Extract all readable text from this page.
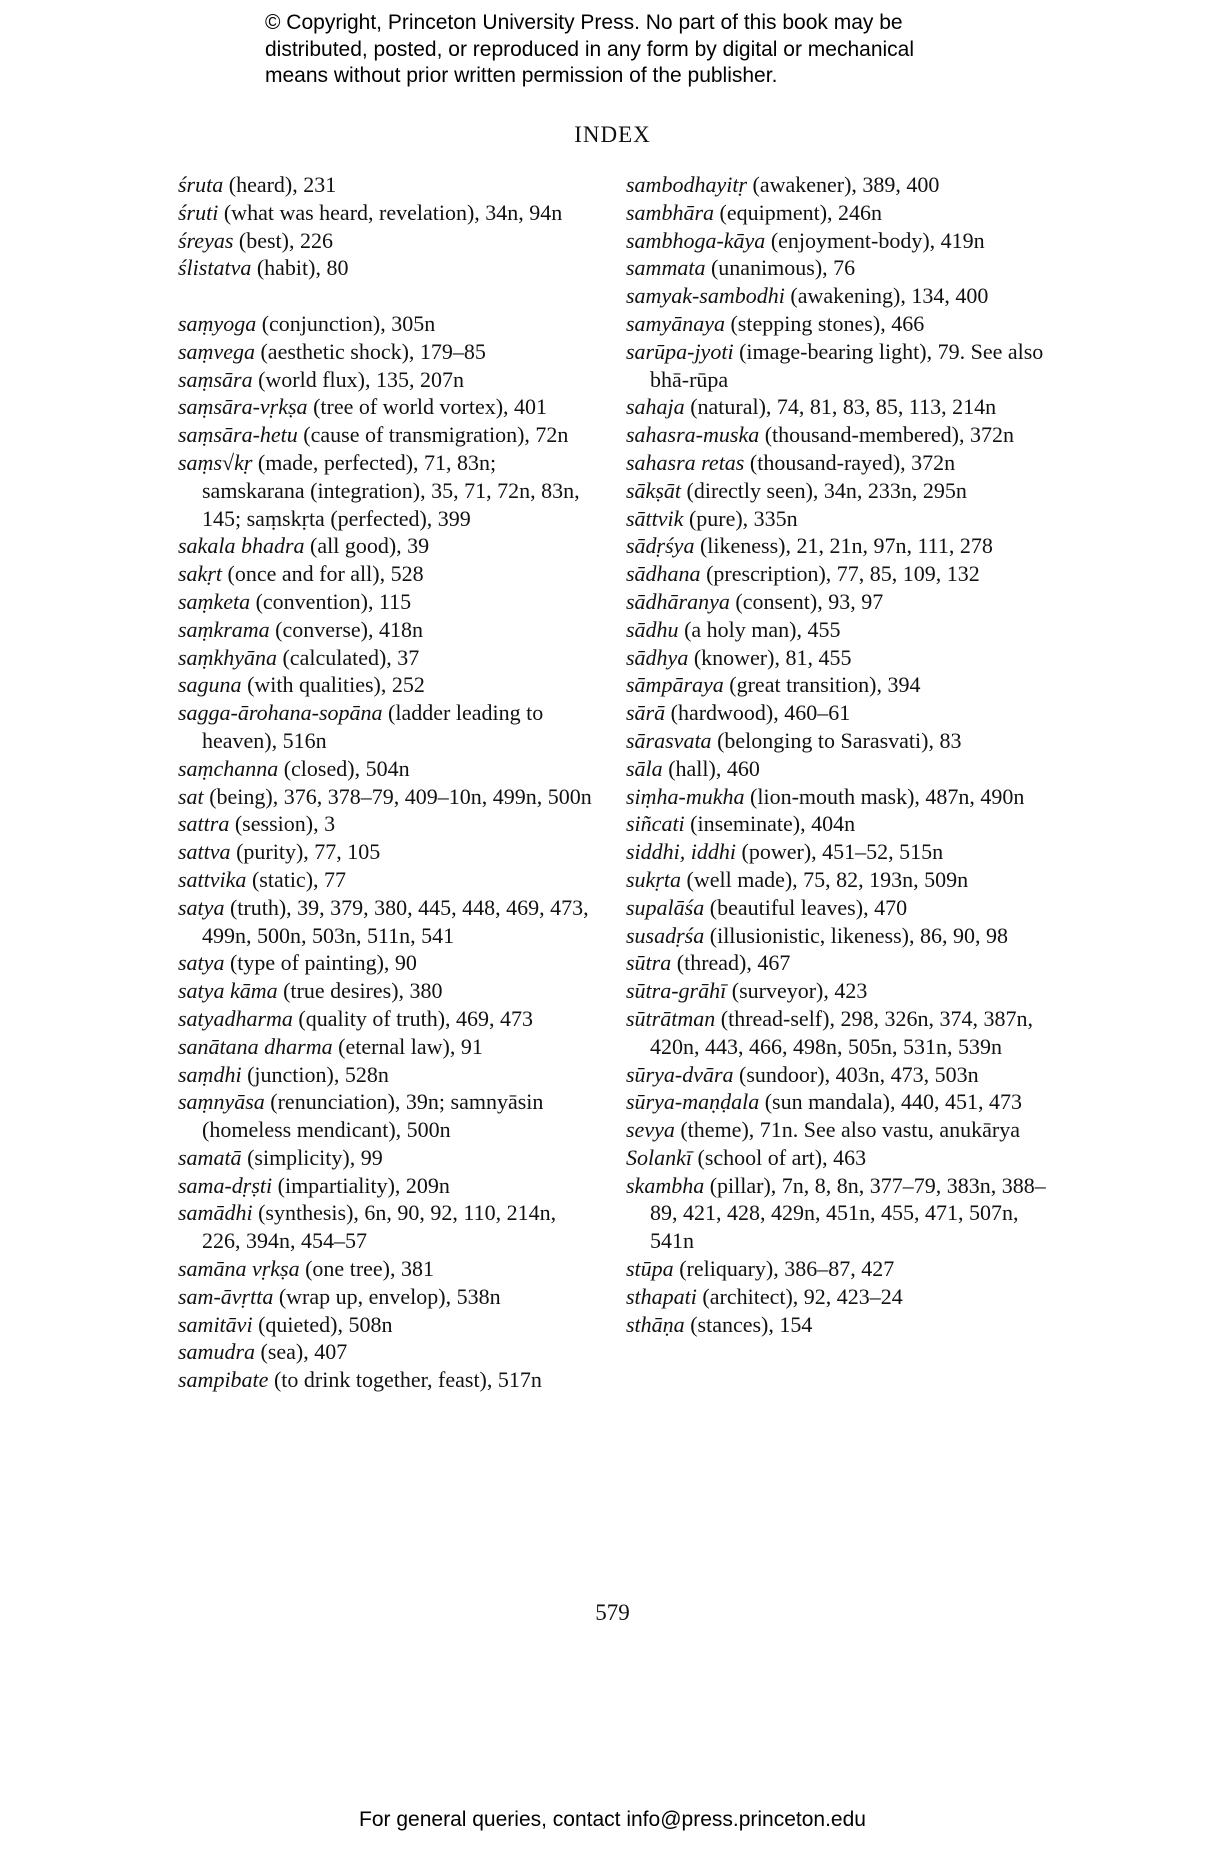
© Copyright, Princeton University Press. No part of this book may be
distributed, posted, or reproduced in any form by digital or mechanical
means without prior written permission of the publisher.
INDEX
śruta (heard), 231
śruti (what was heard, revelation), 34n, 94n
śreyas (best), 226
ślistatva (habit), 80
saṃyoga (conjunction), 305n
saṃvega (aesthetic shock), 179–85
saṃsāra (world flux), 135, 207n
saṃsāra-vṛkṣa (tree of world vortex), 401
saṃsāra-hetu (cause of transmigration), 72n
saṃs√kṛ (made, perfected), 71, 83n; samskarana (integration), 35, 71, 72n, 83n, 145; saṃskṛta (perfected), 399
sakala bhadra (all good), 39
sakṛt (once and for all), 528
saṃketa (convention), 115
saṃkrama (converse), 418n
saṃkhyāna (calculated), 37
saguna (with qualities), 252
sagga-ārohana-sopāna (ladder leading to heaven), 516n
saṃchanna (closed), 504n
sat (being), 376, 378–79, 409–10n, 499n, 500n
sattra (session), 3
sattva (purity), 77, 105
sattvika (static), 77
satya (truth), 39, 379, 380, 445, 448, 469, 473, 499n, 500n, 503n, 511n, 541
satya (type of painting), 90
satya kāma (true desires), 380
satyadharma (quality of truth), 469, 473
sanātana dharma (eternal law), 91
saṃdhi (junction), 528n
saṃnyāsa (renunciation), 39n; samnyāsin (homeless mendicant), 500n
samatā (simplicity), 99
sama-dṛṣti (impartiality), 209n
samādhi (synthesis), 6n, 90, 92, 110, 214n, 226, 394n, 454–57
samāna vṛkṣa (one tree), 381
sam-āvṛtta (wrap up, envelop), 538n
samitāvi (quieted), 508n
samudra (sea), 407
sampibate (to drink together, feast), 517n
sambodhayitṛ (awakener), 389, 400
sambhāra (equipment), 246n
sambhoga-kāya (enjoyment-body), 419n
sammata (unanimous), 76
samyak-sambodhi (awakening), 134, 400
samyānaya (stepping stones), 466
sarūpa-jyoti (image-bearing light), 79. See also bhā-rūpa
sahaja (natural), 74, 81, 83, 85, 113, 214n
sahasra-muska (thousand-membered), 372n
sahasra retas (thousand-rayed), 372n
sākṣāt (directly seen), 34n, 233n, 295n
sāttvik (pure), 335n
sādṛśya (likeness), 21, 21n, 97n, 111, 278
sādhana (prescription), 77, 85, 109, 132
sādhāranya (consent), 93, 97
sādhu (a holy man), 455
sādhya (knower), 81, 455
sāmpāraya (great transition), 394
sārā (hardwood), 460–61
sārasvata (belonging to Sarasvati), 83
sāla (hall), 460
siṃha-mukha (lion-mouth mask), 487n, 490n
siñcati (inseminate), 404n
siddhi, iddhi (power), 451–52, 515n
sukṛta (well made), 75, 82, 193n, 509n
supalāśa (beautiful leaves), 470
susadṛśa (illusionistic, likeness), 86, 90, 98
sūtra (thread), 467
sūtra-grāhī (surveyor), 423
sūtrātman (thread-self), 298, 326n, 374, 387n, 420n, 443, 466, 498n, 505n, 531n, 539n
sūrya-dvāra (sundoor), 403n, 473, 503n
sūrya-maṇḍala (sun mandala), 440, 451, 473
sevya (theme), 71n. See also vastu, anukārya
Solankī (school of art), 463
skambha (pillar), 7n, 8, 8n, 377–79, 383n, 388–89, 421, 428, 429n, 451n, 455, 471, 507n, 541n
stūpa (reliquary), 386–87, 427
sthapati (architect), 92, 423–24
sthāṇa (stances), 154
579
For general queries, contact info@press.princeton.edu
